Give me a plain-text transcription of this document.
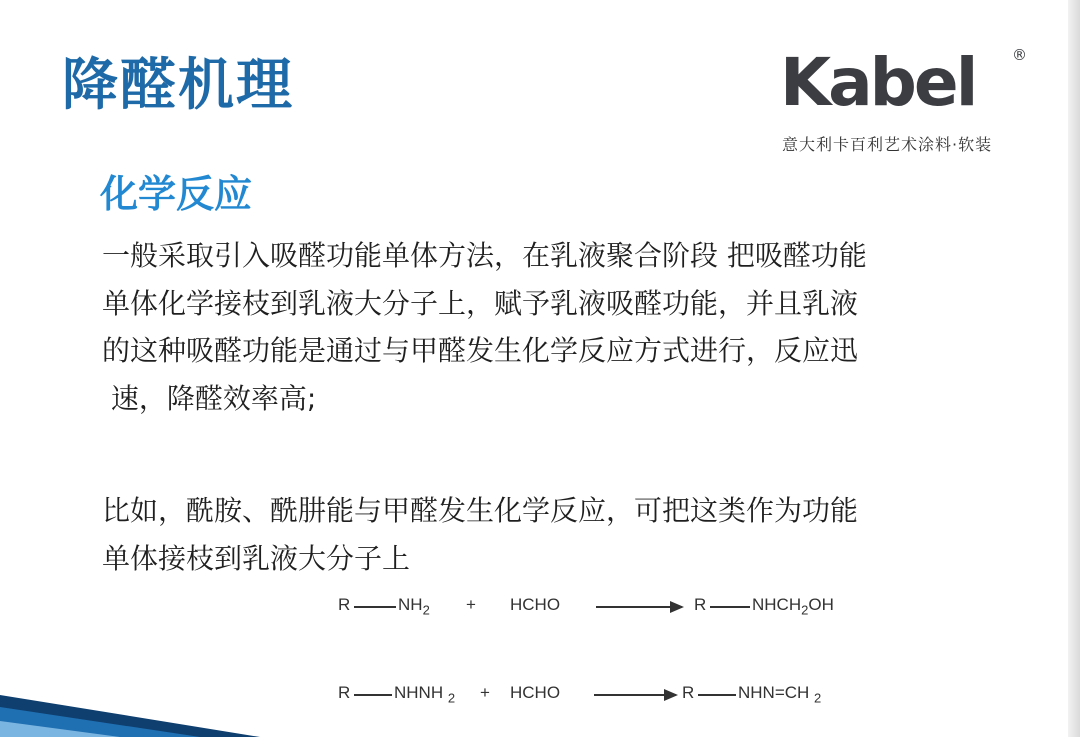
降醛机理	Kabel ®
意大利卡百利艺术涂料·软装
化学反应
一般采取引入吸醛功能单体方法，在乳液聚合阶段 把吸醛功能
单体化学接枝到乳液大分子上，赋予乳液吸醛功能，并且乳液
的这种吸醛功能是通过与甲醛发生化学反应方式进行，反应迅
速，降醛效率高;
比如，酰胺、酰肼能与甲醛发生化学反应，可把这类作为功能
单体接枝到乳液大分子上
R	$NH_2$ + HCHO	R	$NHCH_2OH$
R	NHNH $_2$ + HCHO	R	NHN=CH $_2$
